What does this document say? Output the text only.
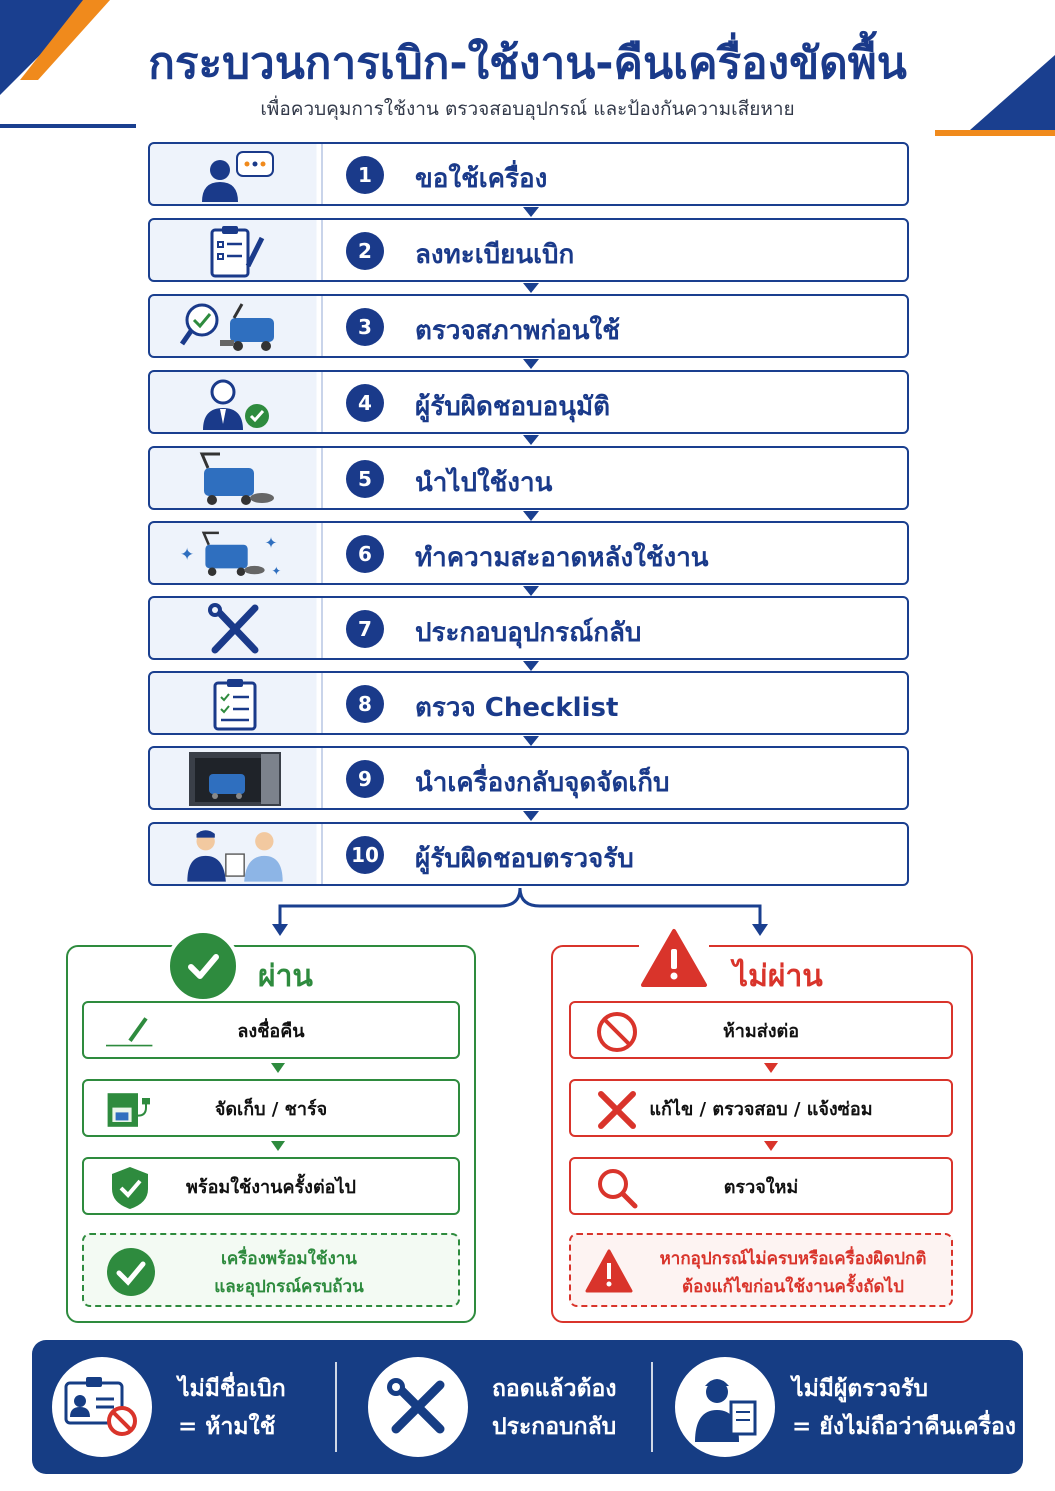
กระบวนการเบิก-ใช้งาน-คืนเครื่องขัดพื้น
เพื่อควบคุมการใช้งาน ตรวจสอบอุปกรณ์ และป้องกันความเสียหาย
1	ขอใช้เครื่อง
2	ลงทะเบียนเบิก
3	ตรวจสภาพก่อนใช้
4	ผู้รับผิดชอบอนุมัติ
5	นำไปใช้งาน
✦
✦
✦
6	ทำความสะอาดหลังใช้งาน
7	ประกอบอุปกรณ์กลับ
8	ตรวจ Checklist
9	นำเครื่องกลับจุดจัดเก็บ
10 ผู้รับผิดชอบตรวจรับ
ผ่าน
ลงชื่อคืน
จัดเก็บ / ชาร์จ
พร้อมใช้งานครั้งต่อไป
เครื่องพร้อมใช้งาน
และอุปกรณ์ครบถ้วน
ไม่ผ่าน
ห้ามส่งต่อ
แก้ไข / ตรวจสอบ / แจ้งซ่อม
ตรวจใหม่
หากอุปกรณ์ไม่ครบหรือเครื่องผิดปกติ
ต้องแก้ไขก่อนใช้งานครั้งถัดไป
ไม่มีชื่อเบิก
= ห้ามใช้
ถอดแล้วต้อง
ประกอบกลับ
ไม่มีผู้ตรวจรับ
= ยังไม่ถือว่าคืนเครื่อง
